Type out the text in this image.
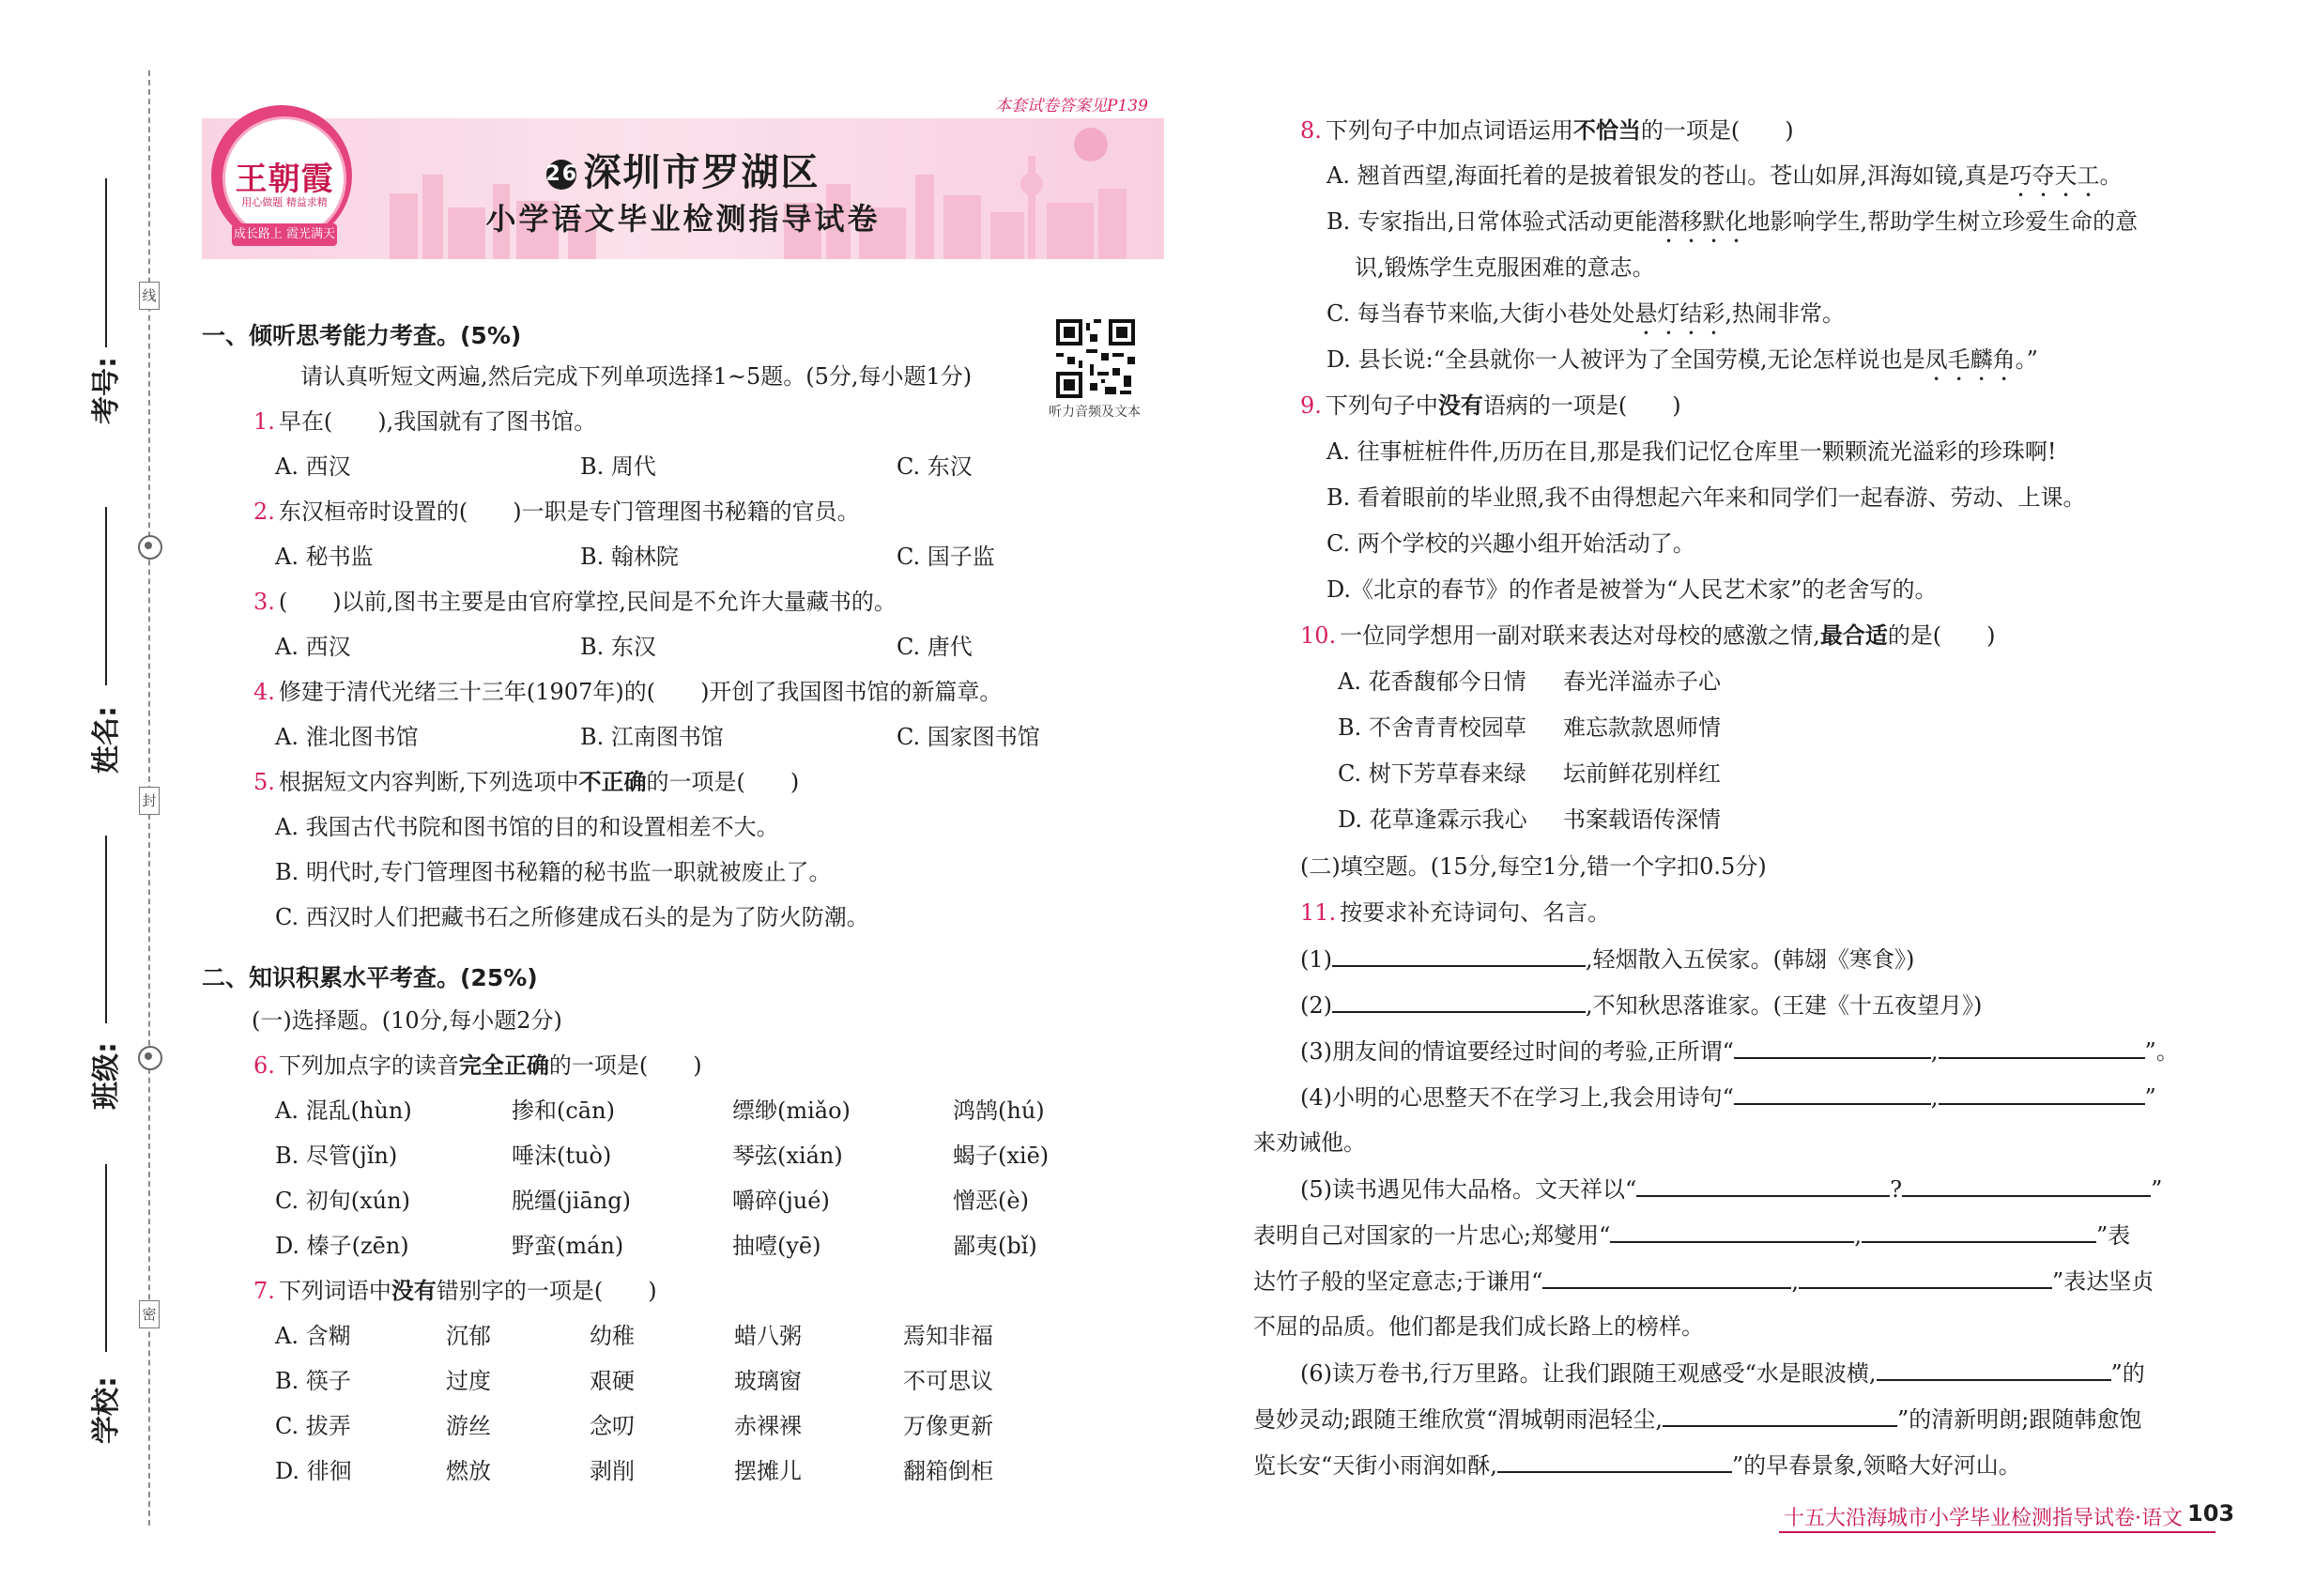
线
封
密
考号:
姓名:
班级:
学校:
本套试卷答案见P139
26 深圳市罗湖区
小学语文毕业检测指导试卷
王朝霞
用心做题 精益求精
成长路上 霞光满天
一、倾听思考能力考查。(5%)
请认真听短文两遍,然后完成下列单项选择1~5题。(5分,每小题1分)
听力音频及文本
1. 早在(　　),我国就有了图书馆。
A. 西汉	B. 周代	C. 东汉
2. 东汉桓帝时设置的(　　)一职是专门管理图书秘籍的官员。
A. 秘书监	B. 翰林院	C. 国子监
3. (　　)以前,图书主要是由官府掌控,民间是不允许大量藏书的。
A. 西汉	B. 东汉	C. 唐代
4. 修建于清代光绪三十三年(1907年)的(　　)开创了我国图书馆的新篇章。
A. 淮北图书馆	B. 江南图书馆	C. 国家图书馆
5. 根据短文内容判断,下列选项中不正确的一项是(　　)
A. 我国古代书院和图书馆的目的和设置相差不大。
B. 明代时,专门管理图书秘籍的秘书监一职就被废止了。
C. 西汉时人们把藏书石之所修建成石头的是为了防火防潮。
二、知识积累水平考查。(25%)
(一)选择题。(10分,每小题2分)
6. 下列加点字的读音完全正确的一项是(　　)
A. 混乱(hùn)	掺和(cān)	缥缈(miǎo)	鸿鹄(hú)
B. 尽管(jǐn)	唾沫(tuò)	琴弦(xián)	蝎子(xiē)
C. 初旬(xún)	脱缰(jiāng)	嚼碎(jué)	憎恶(è)
D. 榛子(zēn)	野蛮(mán)	抽噎(yē)	鄙夷(bǐ)
7. 下列词语中没有错别字的一项是(　　)
A. 含糊	沉郁	幼稚	蜡八粥	焉知非福
B. 筷子	过度	艰硬	玻璃窗	不可思议
C. 拔弄	游丝	念叨	赤裸裸	万像更新
D. 徘徊	燃放	剥削	摆摊儿	翻箱倒柜
8. 下列句子中加点词语运用不恰当的一项是(　　)
A. 翘首西望,海面托着的是披着银发的苍山。苍山如屏,洱海如镜,真是巧夺天工。
B. 专家指出,日常体验式活动更能潜移默化地影响学生,帮助学生树立珍爱生命的意
识,锻炼学生克服困难的意志。
C. 每当春节来临,大街小巷处处悬灯结彩,热闹非常。
D. 县长说:“全县就你一人被评为了全国劳模,无论怎样说也是凤毛麟角。”
9. 下列句子中没有语病的一项是(　　)
A. 往事桩桩件件,历历在目,那是我们记忆仓库里一颗颗流光溢彩的珍珠啊!
B. 看着眼前的毕业照,我不由得想起六年来和同学们一起春游、劳动、上课。
C. 两个学校的兴趣小组开始活动了。
D.《北京的春节》的作者是被誉为“人民艺术家”的老舍写的。
10. 一位同学想用一副对联来表达对母校的感激之情,最合适的是(　　)
A. 花香馥郁今日情 春光洋溢赤子心
B. 不舍青青校园草 难忘款款恩师情
C. 树下芳草春来绿 坛前鲜花别样红
D. 花草逢霖示我心 书案载语传深情
(二)填空题。(15分,每空1分,错一个字扣0.5分)
11. 按要求补充诗词句、名言。
(1)	,轻烟散入五侯家。(韩翃《寒食》)
(2)	,不知秋思落谁家。(王建《十五夜望月》)
(3)朋友间的情谊要经过时间的考验,正所谓“	,	”。
(4)小明的心思整天不在学习上,我会用诗句“	,	”
来劝诫他。
(5)读书遇见伟大品格。文天祥以“	?	”
表明自己对国家的一片忠心;郑燮用“	,	”表
达竹子般的坚定意志;于谦用“	,	”表达坚贞
不屈的品质。他们都是我们成长路上的榜样。
(6)读万卷书,行万里路。让我们跟随王观感受“水是眼波横,	”的
曼妙灵动;跟随王维欣赏“渭城朝雨浥轻尘,	”的清新明朗;跟随韩愈饱
览长安“天街小雨润如酥,	”的早春景象,领略大好河山。
十五大沿海城市小学毕业检测指导试卷·语文 103
